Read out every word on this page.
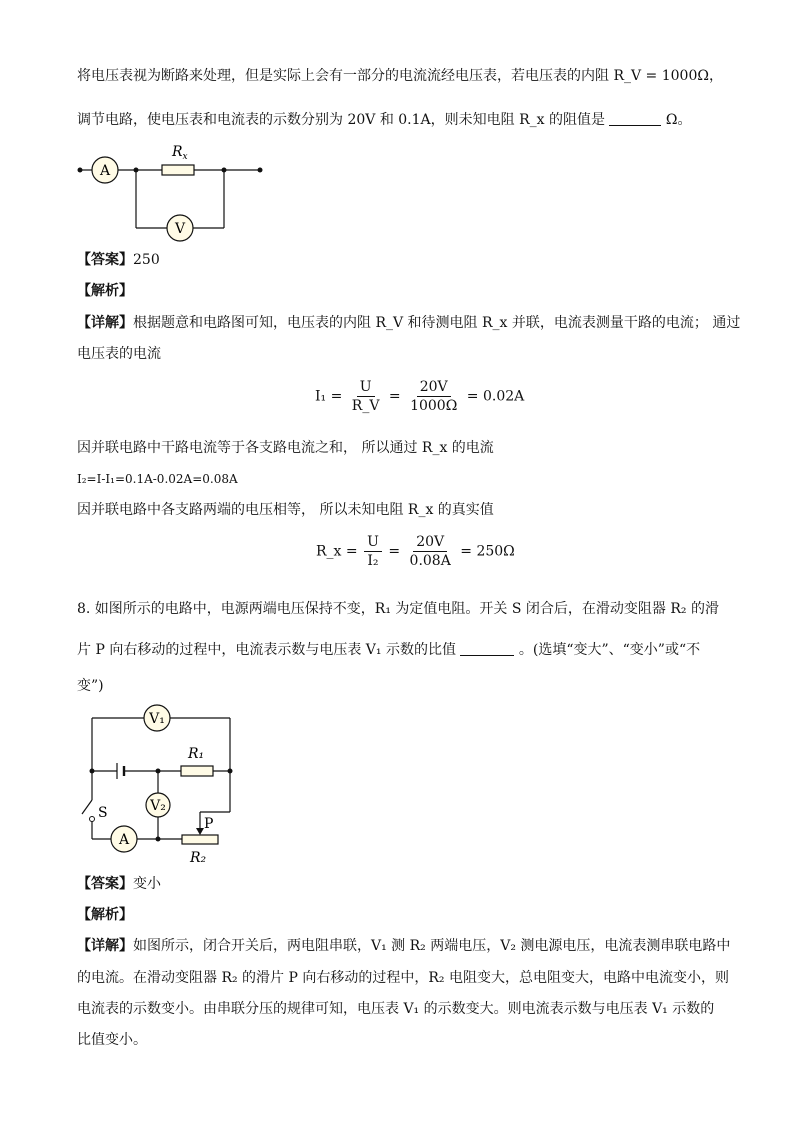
将电压表视为断路来处理，但是实际上会有一部分的电流流经电压表，若电压表的内阻 R_V = 1000Ω，
调节电路，使电压表和电流表的示数分别为 20V 和 0.1A，则未知电阻 R_x 的阻值是	Ω。
A
$R_x$
V
【答案】250
【解析】
【详解】根据题意和电路图可知，电压表的内阻 R_V 和待测电阻 R_x 并联，电流表测量干路的电流； 通过
电压表的电流
$I_1 = \frac{U}{R\_V} = \frac{20V}{1000\Omega} = 0.02A$
因并联电路中干路电流等于各支路电流之和， 所以通过 R_x 的电流
I₂=I-I₁=0.1A-0.02A=0.08A
因并联电路中各支路两端的电压相等， 所以未知电阻 R_x 的真实值
R_x = $\frac{U}{\text{I₂}} = \frac{20V}{0.08A} = 250\Omega$
8. 如图所示的电路中，电源两端电压保持不变，R₁ 为定值电阻。开关 S 闭合后，在滑动变阻器 R₂ 的滑
片 P 向右移动的过程中，电流表示数与电压表 V₁ 示数的比值	。(选填“变大”、“变小”或“不
变”)
V₁
R₁
V₂
S
A
P
R₂
【答案】变小
【解析】
【详解】如图所示，闭合开关后，两电阻串联，V₁ 测 R₂ 两端电压，V₂ 测电源电压，电流表测串联电路中
的电流。在滑动变阻器 R₂ 的滑片 P 向右移动的过程中，R₂ 电阻变大，总电阻变大，电路中电流变小，则
电流表的示数变小。由串联分压的规律可知，电压表 V₁ 的示数变大。则电流表示数与电压表 V₁ 示数的
比值变小。
